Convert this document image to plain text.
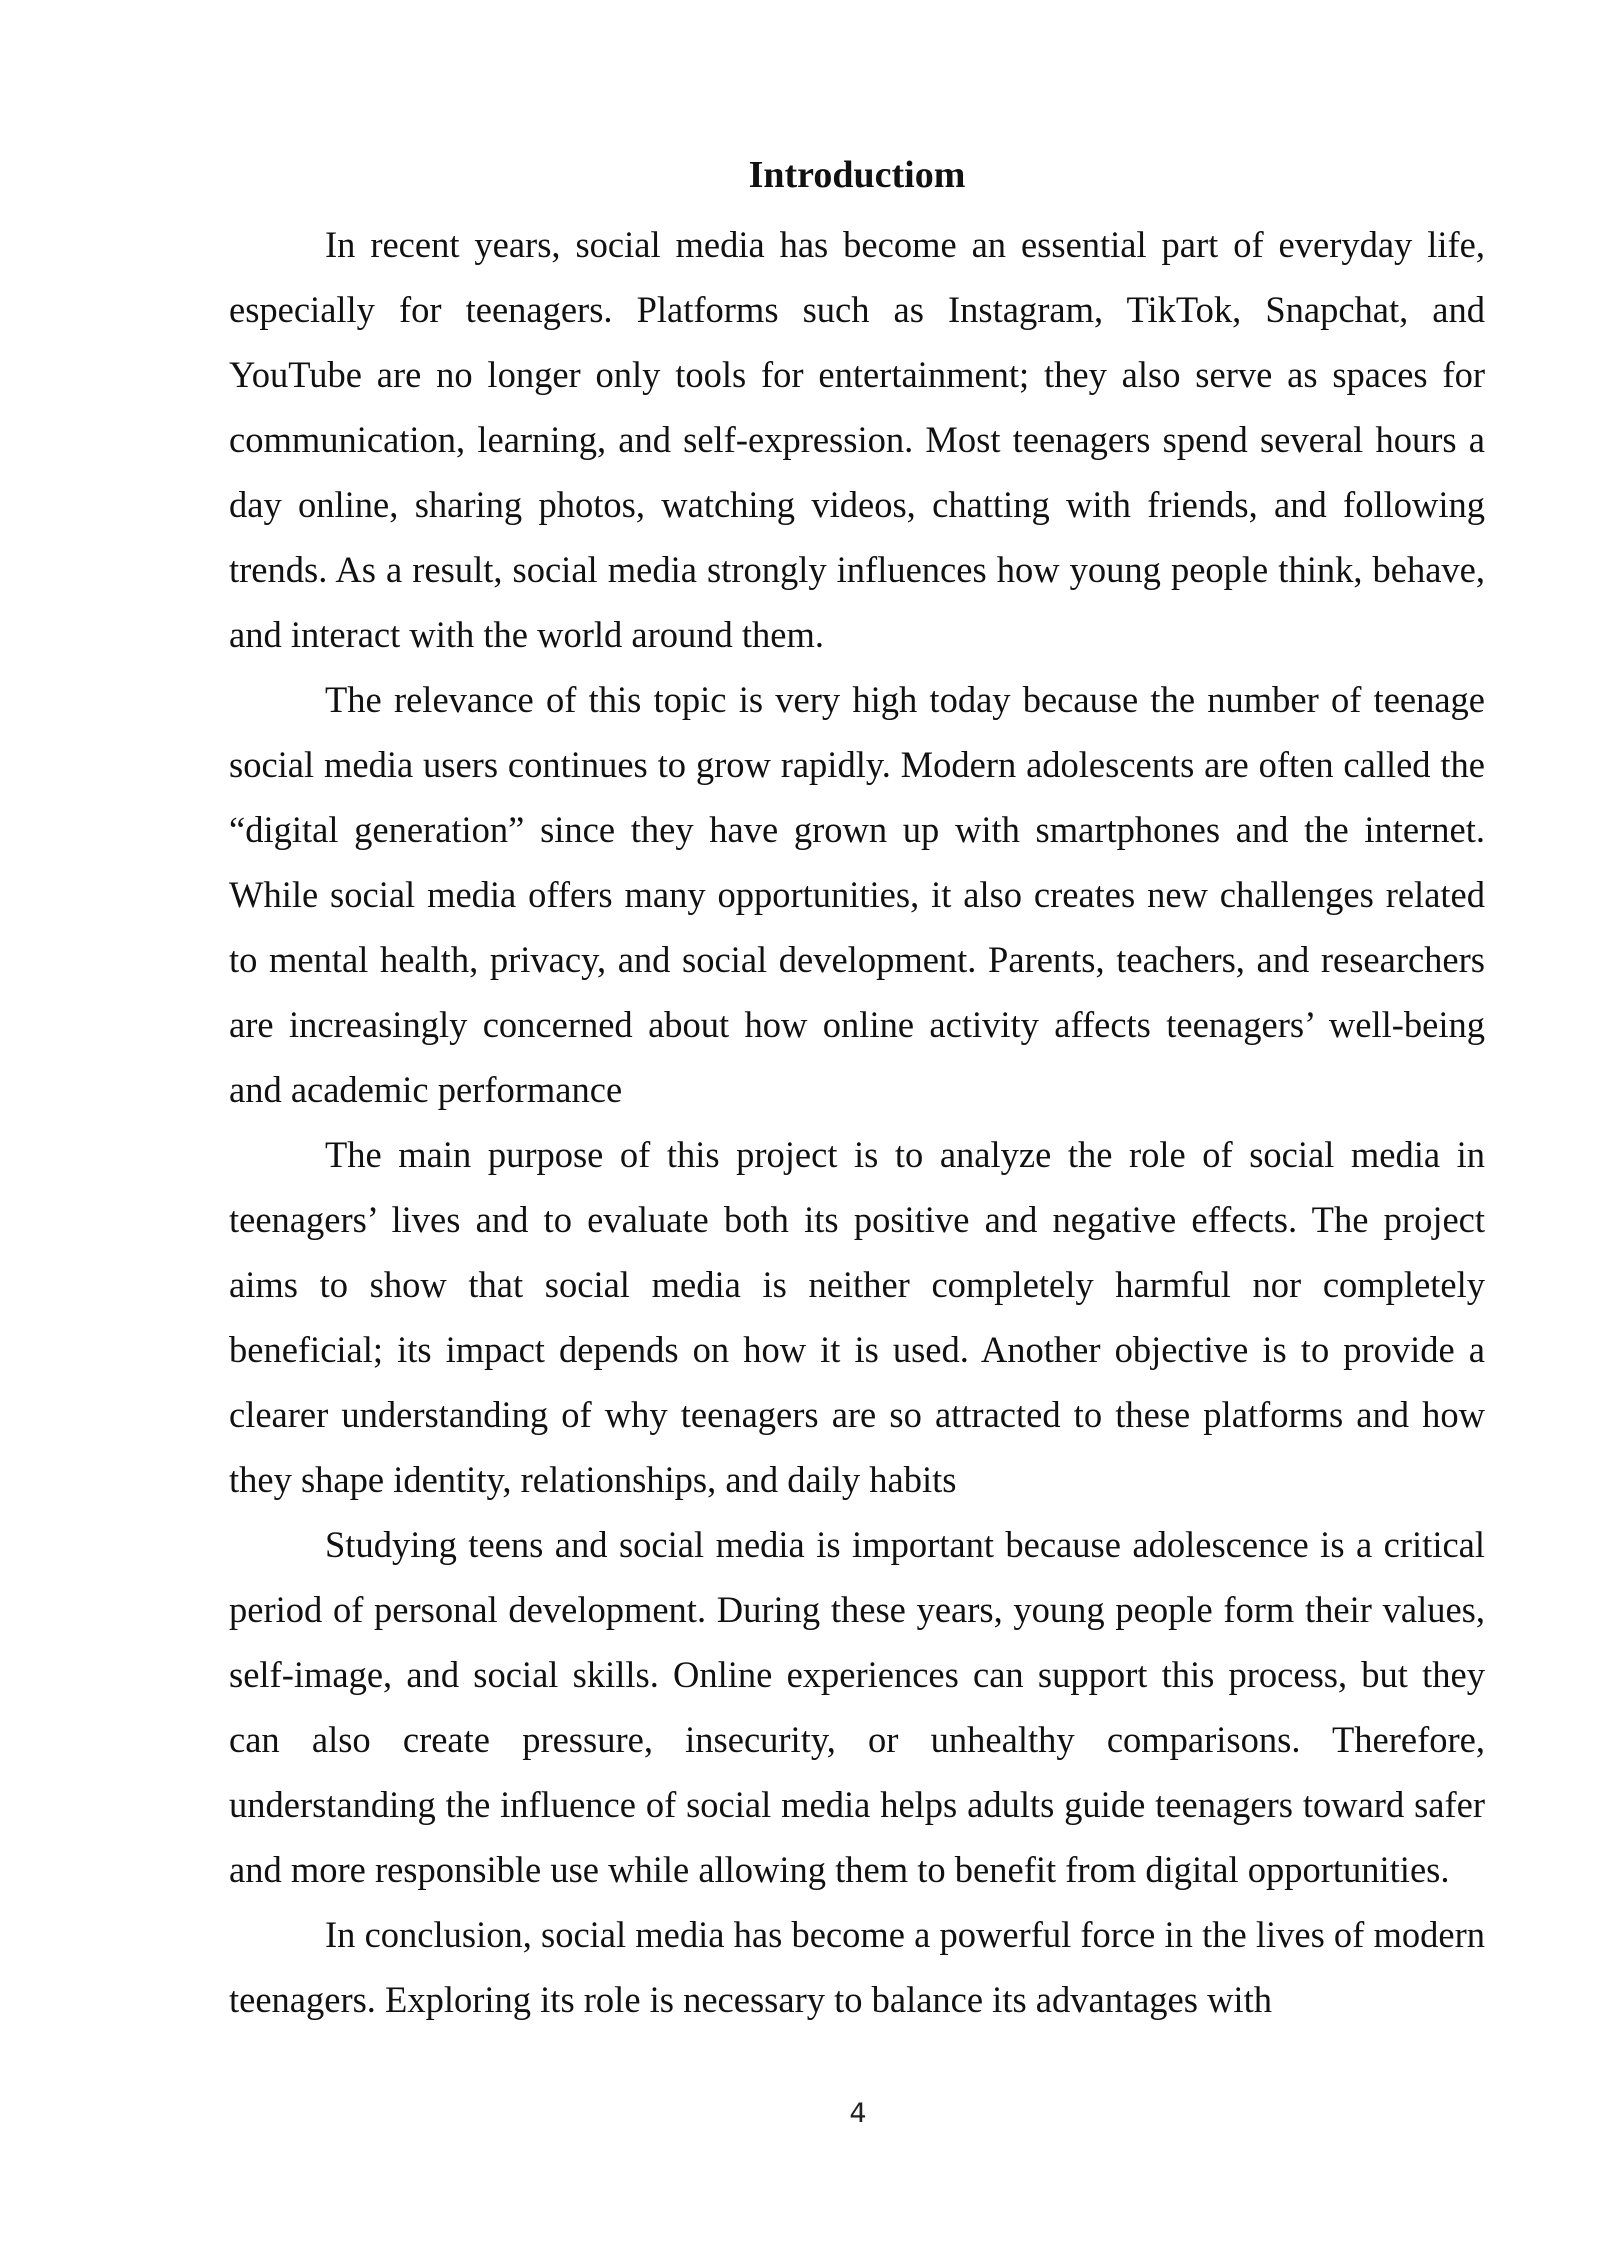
Introductiom

In recent years, social media has become an essential part of everyday life, especially for teenagers. Platforms such as Instagram, TikTok, Snapchat, and YouTube are no longer only tools for entertainment; they also serve as spaces for communication, learning, and self-expression. Most teenagers spend several hours a day online, sharing photos, watching videos, chatting with friends, and following trends. As a result, social media strongly influences how young people think, behave, and interact with the world around them.

The relevance of this topic is very high today because the number of teenage social media users continues to grow rapidly. Modern adolescents are often called the “digital generation” since they have grown up with smartphones and the internet. While social media offers many opportunities, it also creates new challenges related to mental health, privacy, and social development. Parents, teachers, and researchers are increasingly concerned about how online activity affects teenagers’ well-being and academic performance

The main purpose of this project is to analyze the role of social media in teenagers’ lives and to evaluate both its positive and negative effects. The project aims to show that social media is neither completely harmful nor completely beneficial; its impact depends on how it is used. Another objective is to provide a clearer understanding of why teenagers are so attracted to these platforms and how they shape identity, relationships, and daily habits

Studying teens and social media is important because adolescence is a critical period of personal development. During these years, young people form their values, self-image, and social skills. Online experiences can support this process, but they can also create pressure, insecurity, or unhealthy comparisons. Therefore, understanding the influence of social media helps adults guide teenagers toward safer and more responsible use while allowing them to benefit from digital opportunities.

In conclusion, social media has become a powerful force in the lives of modern teenagers. Exploring its role is necessary to balance its advantages with

4
